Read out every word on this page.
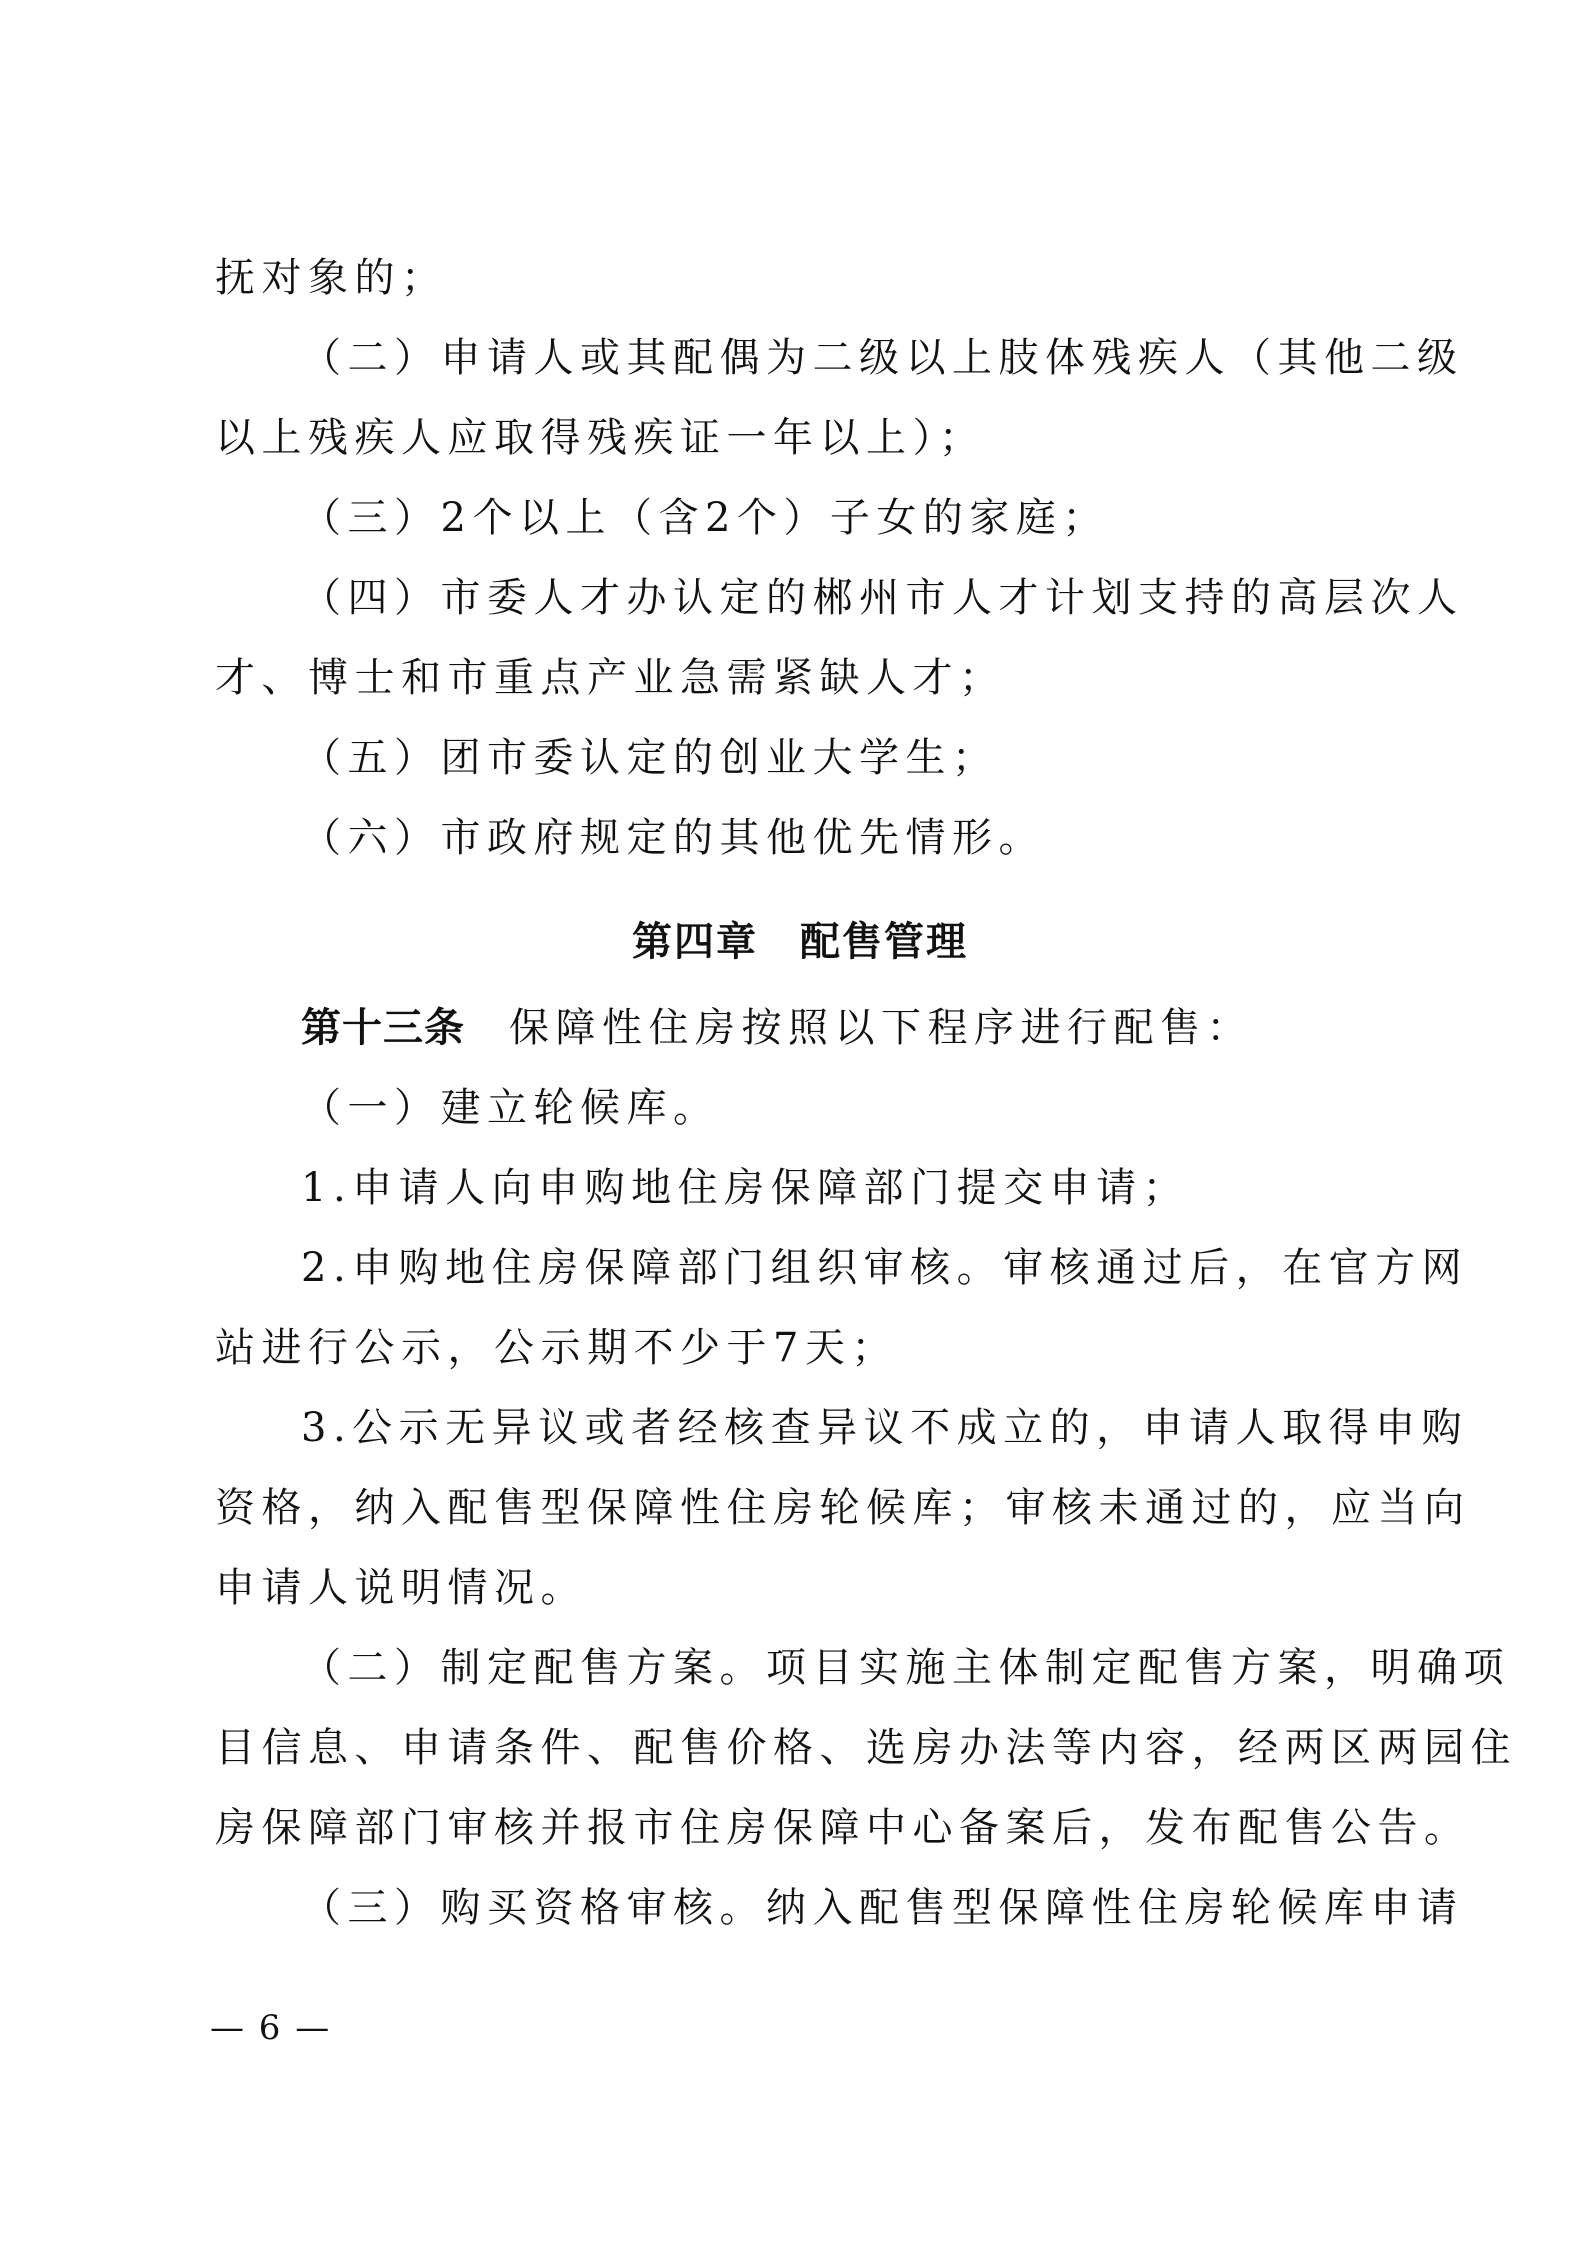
抚对象的；

（二）申请人或其配偶为二级以上肢体残疾人（其他二级

以上残疾人应取得残疾证一年以上）；

（三）2个以上（含2个）子女的家庭；

（四）市委人才办认定的郴州市人才计划支持的高层次人

才、博士和市重点产业急需紧缺人才；

（五）团市委认定的创业大学生；

（六）市政府规定的其他优先情形。

第四章　配售管理

第十三条 保障性住房按照以下程序进行配售：

（一）建立轮候库。

1.申请人向申购地住房保障部门提交申请；

2.申购地住房保障部门组织审核。审核通过后，在官方网

站进行公示，公示期不少于7天；

3.公示无异议或者经核查异议不成立的，申请人取得申购

资格，纳入配售型保障性住房轮候库；审核未通过的，应当向

申请人说明情况。

（二）制定配售方案。项目实施主体制定配售方案，明确项

目信息、申请条件、配售价格、选房办法等内容，经两区两园住

房保障部门审核并报市住房保障中心备案后，发布配售公告。

（三）购买资格审核。纳入配售型保障性住房轮候库申请

— 6 —
